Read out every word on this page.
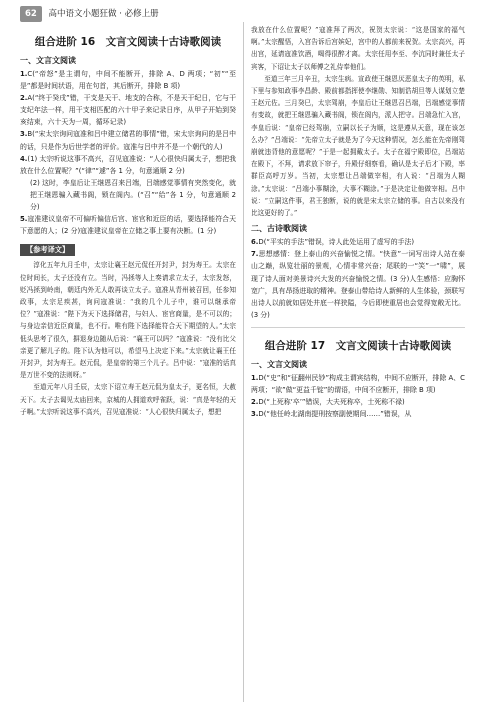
62 高中语文小题狂做 · 必修上册
组合进阶 16　文言文阅读十古诗歌阅读
一、文言文阅读

1.C(“帝怒”是主谓句，中间不能断开，排除 A、D 两项；“初”“至是”都是时间状语，用在句首，其后断开，排除 B 项)

2.A(“终于癸戌”错，干支是天干、地支的合称，不是天干纪日，它与干支纪年法一样，用干支相匹配的六十甲子来记录日序，从甲子开始到癸亥结束，六十天为一周，循环记录)

3.B(“宋太宗询问寇准和吕中建立储君的事情”错，宋太宗询问的是吕中的话，只是作为后世学者的评价。寇准与吕中并不是一个朝代的人)

4.(1) 太宗听说这事不高兴，召见寇准说：“人心很快归属太子，想把我放在什么位置呢？”(“律”“遽”各 1 分，句意通顺 2 分)

(2) 这时，李皇后让王继恩召来吕端，吕端感觉事情有突然变化，就把王继恩骗入藏书阁，锁在阁内。(“召”“给”各 1 分，句意通顺 2 分)

5.寇准建议皇帝不可偏听偏信后宫、宦官和近臣的话，要选择能符合天下意愿的人；(2 分)寇准建议皇帝在立储之事上要有决断。(1 分)

【参考译文】

淳化五年九月壬申，太宗让襄王赵元侃任开封尹，封为寿王。太宗在位时间长，太子还没有立。当时，冯拯等人上奏请求立太子，太宗发怒，贬冯拯到岭南，朝廷内外无人敢再谈立太子。寇准从青州被召回，任参知政事，太宗足疾甚，询问寇准说：“我的几个儿子中，谁可以继承帝位？”寇准说：“陛下为天下选择储君，与妇人、宦官商量，是不可以的；与身边亲信近臣商量，也不行。唯有陛下选择能符合天下期望的人。”太宗低头思考了很久，摒退身边随从后说：“襄王可以吗？”寇准说：“没有比父亲更了解儿子的。陛下认为他可以，希望马上决定下来。”太宗就让襄王任开封尹，封为寿王。赵元侃，是皇帝的第三个儿子。吕中说：“寇准的话真是万世不变的法则呀。”

至道元年八月壬辰，太宗下诏立寿王赵元侃为皇太子，更名恒，大赦天下。太子去谒见太庙回来，京城的人拥道欢呼雀跃，说：“真是年轻的天子啊。”太宗听说这事不高兴，召见寇准说：“人心很快归属太子，想把

我放在什么位置呢？”寇准拜了两次，祝贺太宗说：“这是国家的福气啊。”太宗醒悟，入宫告诉后宫嫔妃，宫中的人都前来祝贺。太宗高兴，再出宫，延请寇准饮酒，喝得很醉才离。太宗任用李至、李沆同时兼任太子宾客，下诏让太子以师傅之礼侍奉他们。

至道三年三月辛丑，太宗生病。宣政使王继恩厌恶皇太子的英明，私下里与参知政事李昌龄、殿前都指挥使李继勋、知制诰胡旦等人谋划立楚王赵元佐。三月癸巳，太宗驾崩，李皇后让王继恩召吕端，吕端感觉事情有变故，就把王继恩骗入藏书阁，锁在阁内，派人把守。吕端急忙入宫，李皇后说：“皇帝已经驾崩，立嗣以长子为顺，这是遵从天意，现在该怎么办？”吕端说：“先帝立太子就是为了今天这种情况，怎么能在先帝刚驾崩就违背他的意愿呢？”于是一起拥戴太子。太子在福宁殿即位，吕端站在殿下，不拜，请求放下帘子，升殿仔细察看，确认是太子后才下殿，率群臣高呼万岁。当初，太宗想让吕端做宰相，有人说：“吕端为人糊涂。”太宗说：“吕端小事糊涂，大事不糊涂。”于是决定让他做宰相。吕中说：“立嗣这件事，君王独断，说的就是宋太宗立储的事。自古以来没有比这更好的了。”

二、古诗歌阅读

6.D(“平实的手法”错误，诗人此处运用了虚写的手法)

7.思想感情：登上泰山的兴奋愉悦之情。“快意”一词写出诗人站在泰山之巅，纵览壮丽的景观，心情非常兴奋；尾联的一“笑”一“啸”，展现了诗人面对美景诗兴大发的兴奋愉悦之情。(3 分)人生感悟：应胸怀宽广，具有昂扬进取的精神。登泰山带给诗人新鲜的人生体验，颈联写出诗人以前就如居处井底一样狭隘，今后即使重居也会觉得宽敞无比。(3 分)

组合进阶 17　文言文阅读十古诗歌阅读
一、文言文阅读

1.D(“史”和“征翻州民钞”构成主谓宾结构，中间不应断开，排除 A、C 两项；“欲”做“更益千锭”的谓语，中间不应断开，排除 B 项)

2.D(“上死称‘卒’”错误，大夫死称卒，士死称不禄)

3.D(“他任岭北湖南提刑按察副使期间……”错误，从
